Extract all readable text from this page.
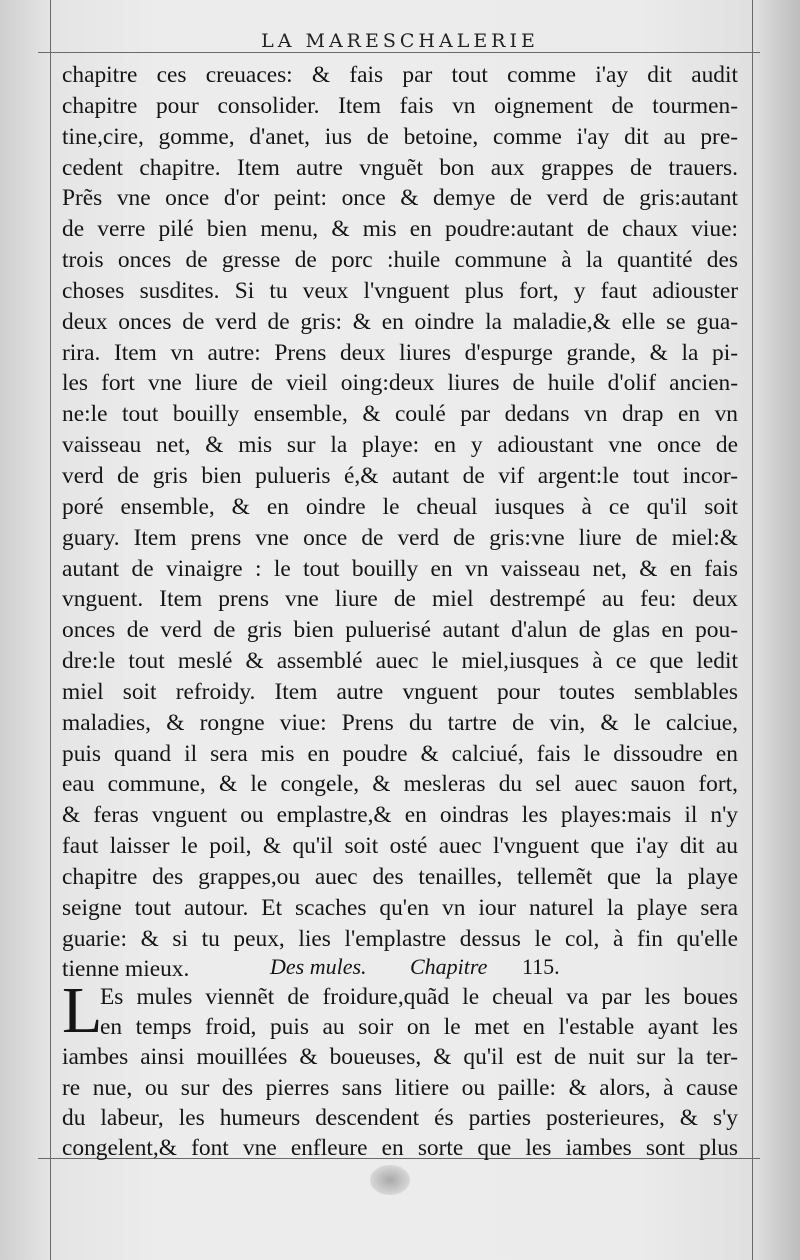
LA MARESCHALERIE
chapitre ces creuaces: & fais par tout comme i'ay dit audit
chapitre pour consolider. Item fais vn oignement de tourmen-
tine,cire, gomme, d'anet, ius de betoine, comme i'ay dit au pre-
cedent chapitre. Item autre vnguẽt bon aux grappes de trauers.
Prẽs vne once d'or peint: once & demye de verd de gris:autant
de verre pilé bien menu, & mis en poudre:autant de chaux viue:
trois onces de gresse de porc :huile commune à la quantité des
choses susdites. Si tu veux l'vnguent plus fort, y faut adiouster
deux onces de verd de gris: & en oindre la maladie,& elle se gua-
rira. Item vn autre: Prens deux liures d'espurge grande, & la pi-
les fort vne liure de vieil oing:deux liures de huile d'olif ancien-
ne:le tout bouilly ensemble, & coulé par dedans vn drap en vn
vaisseau net, & mis sur la playe: en y adioustant vne once de
verd de gris bien pulueris é,& autant de vif argent:le tout incor-
poré ensemble, & en oindre le cheual iusques à ce qu'il soit
guary. Item prens vne once de verd de gris:vne liure de miel:&
autant de vinaigre : le tout bouilly en vn vaisseau net, & en fais
vnguent. Item prens vne liure de miel destrempé au feu: deux
onces de verd de gris bien puluerisé autant d'alun de glas en pou-
dre:le tout meslé & assemblé auec le miel,iusques à ce que ledit
miel soit refroidy. Item autre vnguent pour toutes semblables
maladies, & rongne viue: Prens du tartre de vin, & le calciue,
puis quand il sera mis en poudre & calciué, fais le dissoudre en
eau commune, & le congele, & mesleras du sel auec sauon fort,
& feras vnguent ou emplastre,& en oindras les playes:mais il n'y
faut laisser le poil, & qu'il soit osté auec l'vnguent que i'ay dit au
chapitre des grappes,ou auec des tenailles, tellemẽt que la playe
seigne tout autour. Et scaches qu'en vn iour naturel la playe sera
guarie: & si tu peux, lies l'emplastre dessus le col, à fin qu'elle
tienne mieux.	Des mules. Chapitre 115.
L
Es mules viennẽt de froidure,quãd le cheual va par les boues
en temps froid, puis au soir on le met en l'estable ayant les
iambes ainsi mouillées & boueuses, & qu'il est de nuit sur la ter-
re nue, ou sur des pierres sans litiere ou paille: & alors, à cause
du labeur, les humeurs descendent és parties posterieures, & s'y
congelent,& font vne enfleure en sorte que les iambes sont plus
